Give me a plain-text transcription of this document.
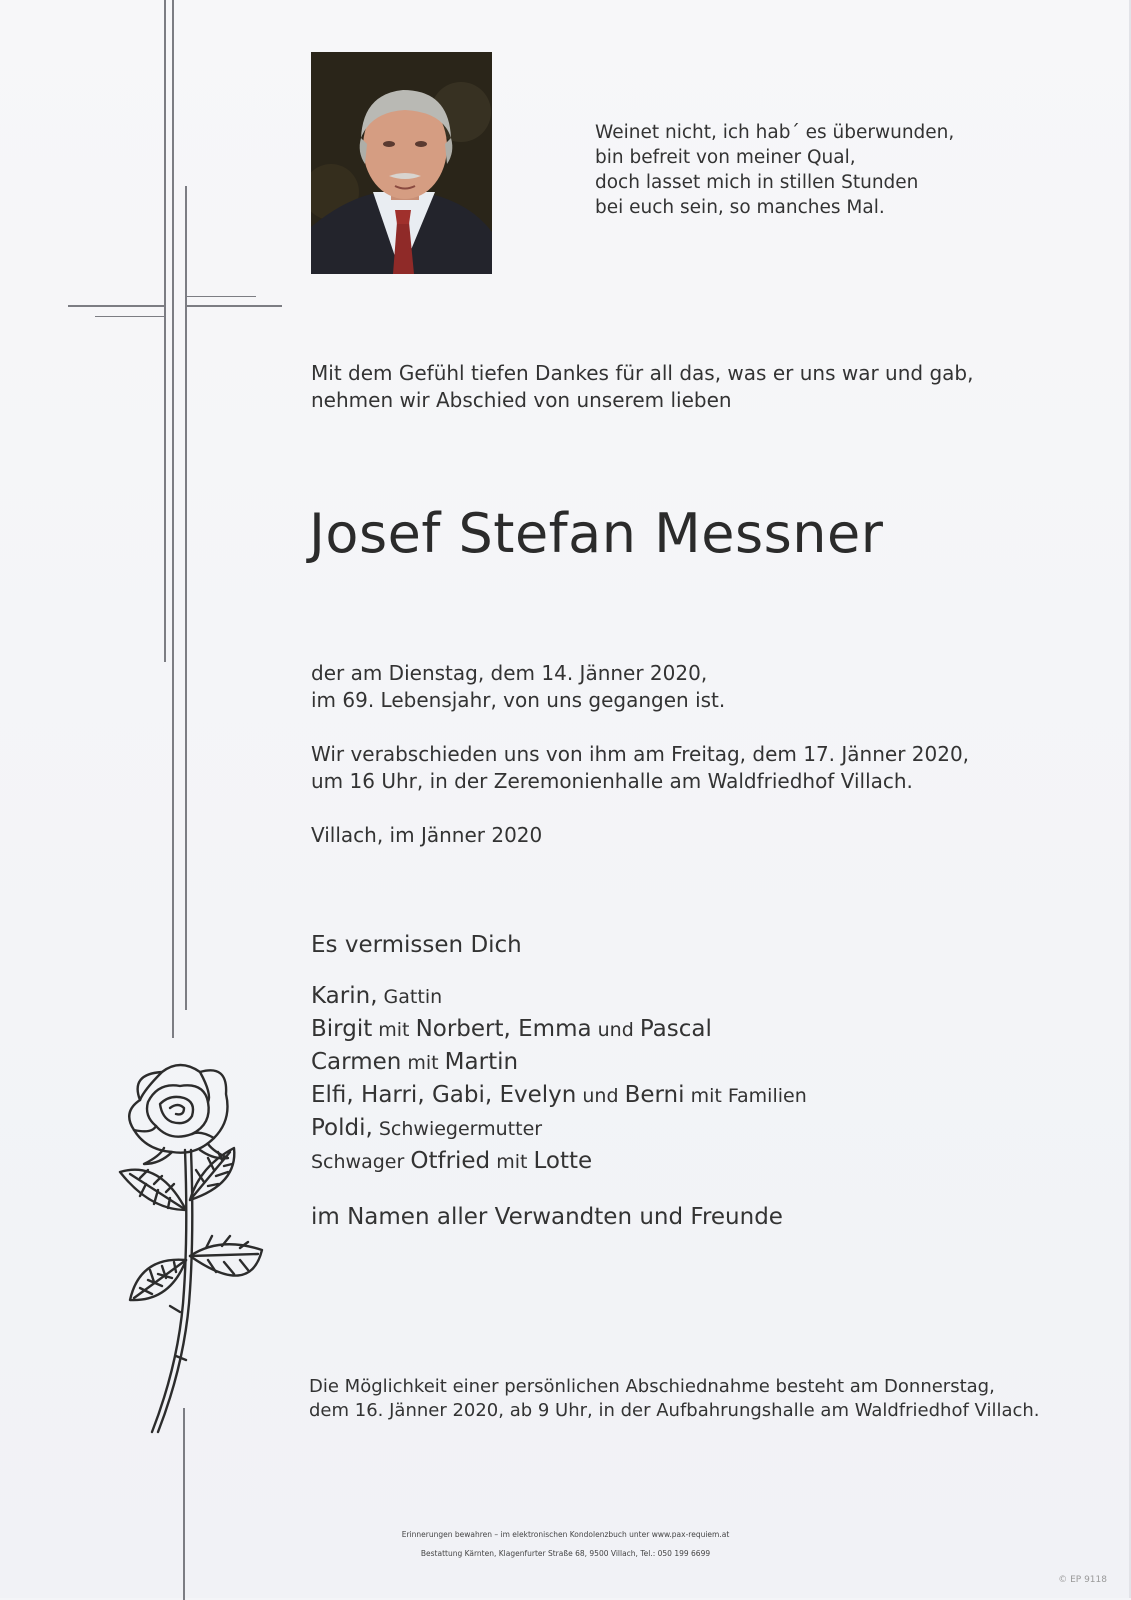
Weinet nicht, ich hab´ es überwunden,
bin befreit von meiner Qual,
doch lasset mich in stillen Stunden
bei euch sein, so manches Mal.
Mit dem Gefühl tiefen Dankes für all das, was er uns war und gab,
nehmen wir Abschied von unserem lieben
Josef Stefan Messner
der am Dienstag, dem 14. Jänner 2020,
im 69. Lebensjahr, von uns gegangen ist.
Wir verabschieden uns von ihm am Freitag, dem 17. Jänner 2020,
um 16 Uhr, in der Zeremonienhalle am Waldfriedhof Villach.
Villach, im Jänner 2020
Es vermissen Dich
Karin, Gattin
Birgit mit Norbert, Emma und Pascal
Carmen mit Martin
Elfi, Harri, Gabi, Evelyn und Berni mit Familien
Poldi, Schwiegermutter
Schwager Otfried mit Lotte
im Namen aller Verwandten und Freunde
Die Möglichkeit einer persönlichen Abschiednahme besteht am Donnerstag,
dem 16. Jänner 2020, ab 9 Uhr, in der Aufbahrungshalle am Waldfriedhof Villach.
Erinnerungen bewahren – im elektronischen Kondolenzbuch unter www.pax-requiem.at
Bestattung Kärnten, Klagenfurter Straße 68, 9500 Villach, Tel.: 050 199 6699
© EP 9118
